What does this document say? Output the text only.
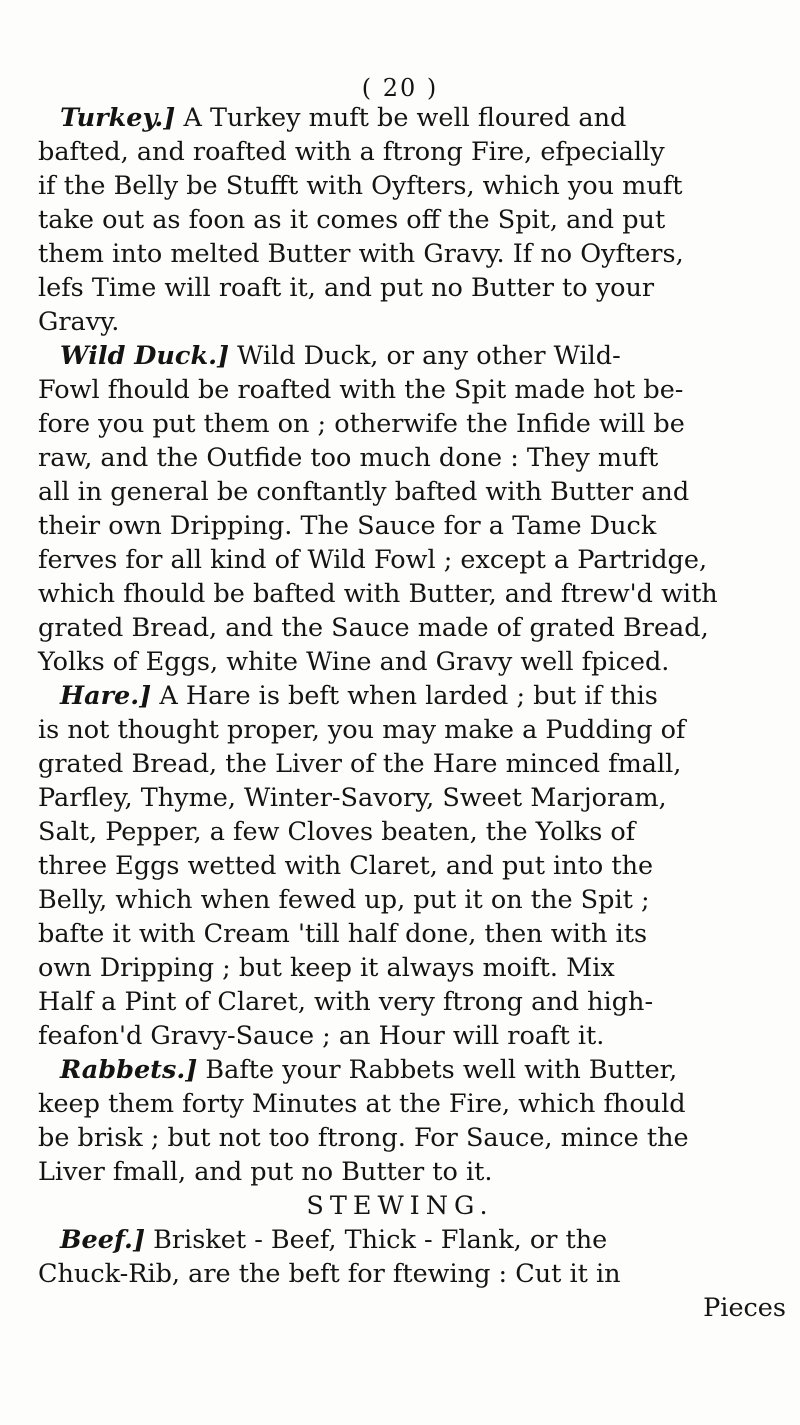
( 20 )
Turkey.] A Turkey muft be well floured and
bafted, and roafted with a ftrong Fire, efpecially
if the Belly be Stufft with Oyfters, which you muft
take out as foon as it comes off the Spit, and put
them into melted Butter with Gravy. If no Oyfters,
lefs Time will roaft it, and put no Butter to your
Gravy.
Wild Duck.] Wild Duck, or any other Wild-
Fowl fhould be roafted with the Spit made hot be-
fore you put them on ; otherwife the Infide will be
raw, and the Outfide too much done : They muft
all in general be conftantly bafted with Butter and
their own Dripping. The Sauce for a Tame Duck
ferves for all kind of Wild Fowl ; except a Partridge,
which fhould be bafted with Butter, and ftrew'd with
grated Bread, and the Sauce made of grated Bread,
Yolks of Eggs, white Wine and Gravy well fpiced.
Hare.] A Hare is beft when larded ; but if this
is not thought proper, you may make a Pudding of
grated Bread, the Liver of the Hare minced fmall,
Parfley, Thyme, Winter-Savory, Sweet Marjoram,
Salt, Pepper, a few Cloves beaten, the Yolks of
three Eggs wetted with Claret, and put into the
Belly, which when fewed up, put it on the Spit ;
bafte it with Cream 'till half done, then with its
own Dripping ; but keep it always moift. Mix
Half a Pint of Claret, with very ftrong and high-
feafon'd Gravy-Sauce ; an Hour will roaft it.
Rabbets.] Bafte your Rabbets well with Butter,
keep them forty Minutes at the Fire, which fhould
be brisk ; but not too ftrong. For Sauce, mince the
Liver fmall, and put no Butter to it.
STEWING.
Beef.] Brisket - Beef, Thick - Flank, or the
Chuck-Rib, are the beft for ftewing : Cut it in
Pieces
